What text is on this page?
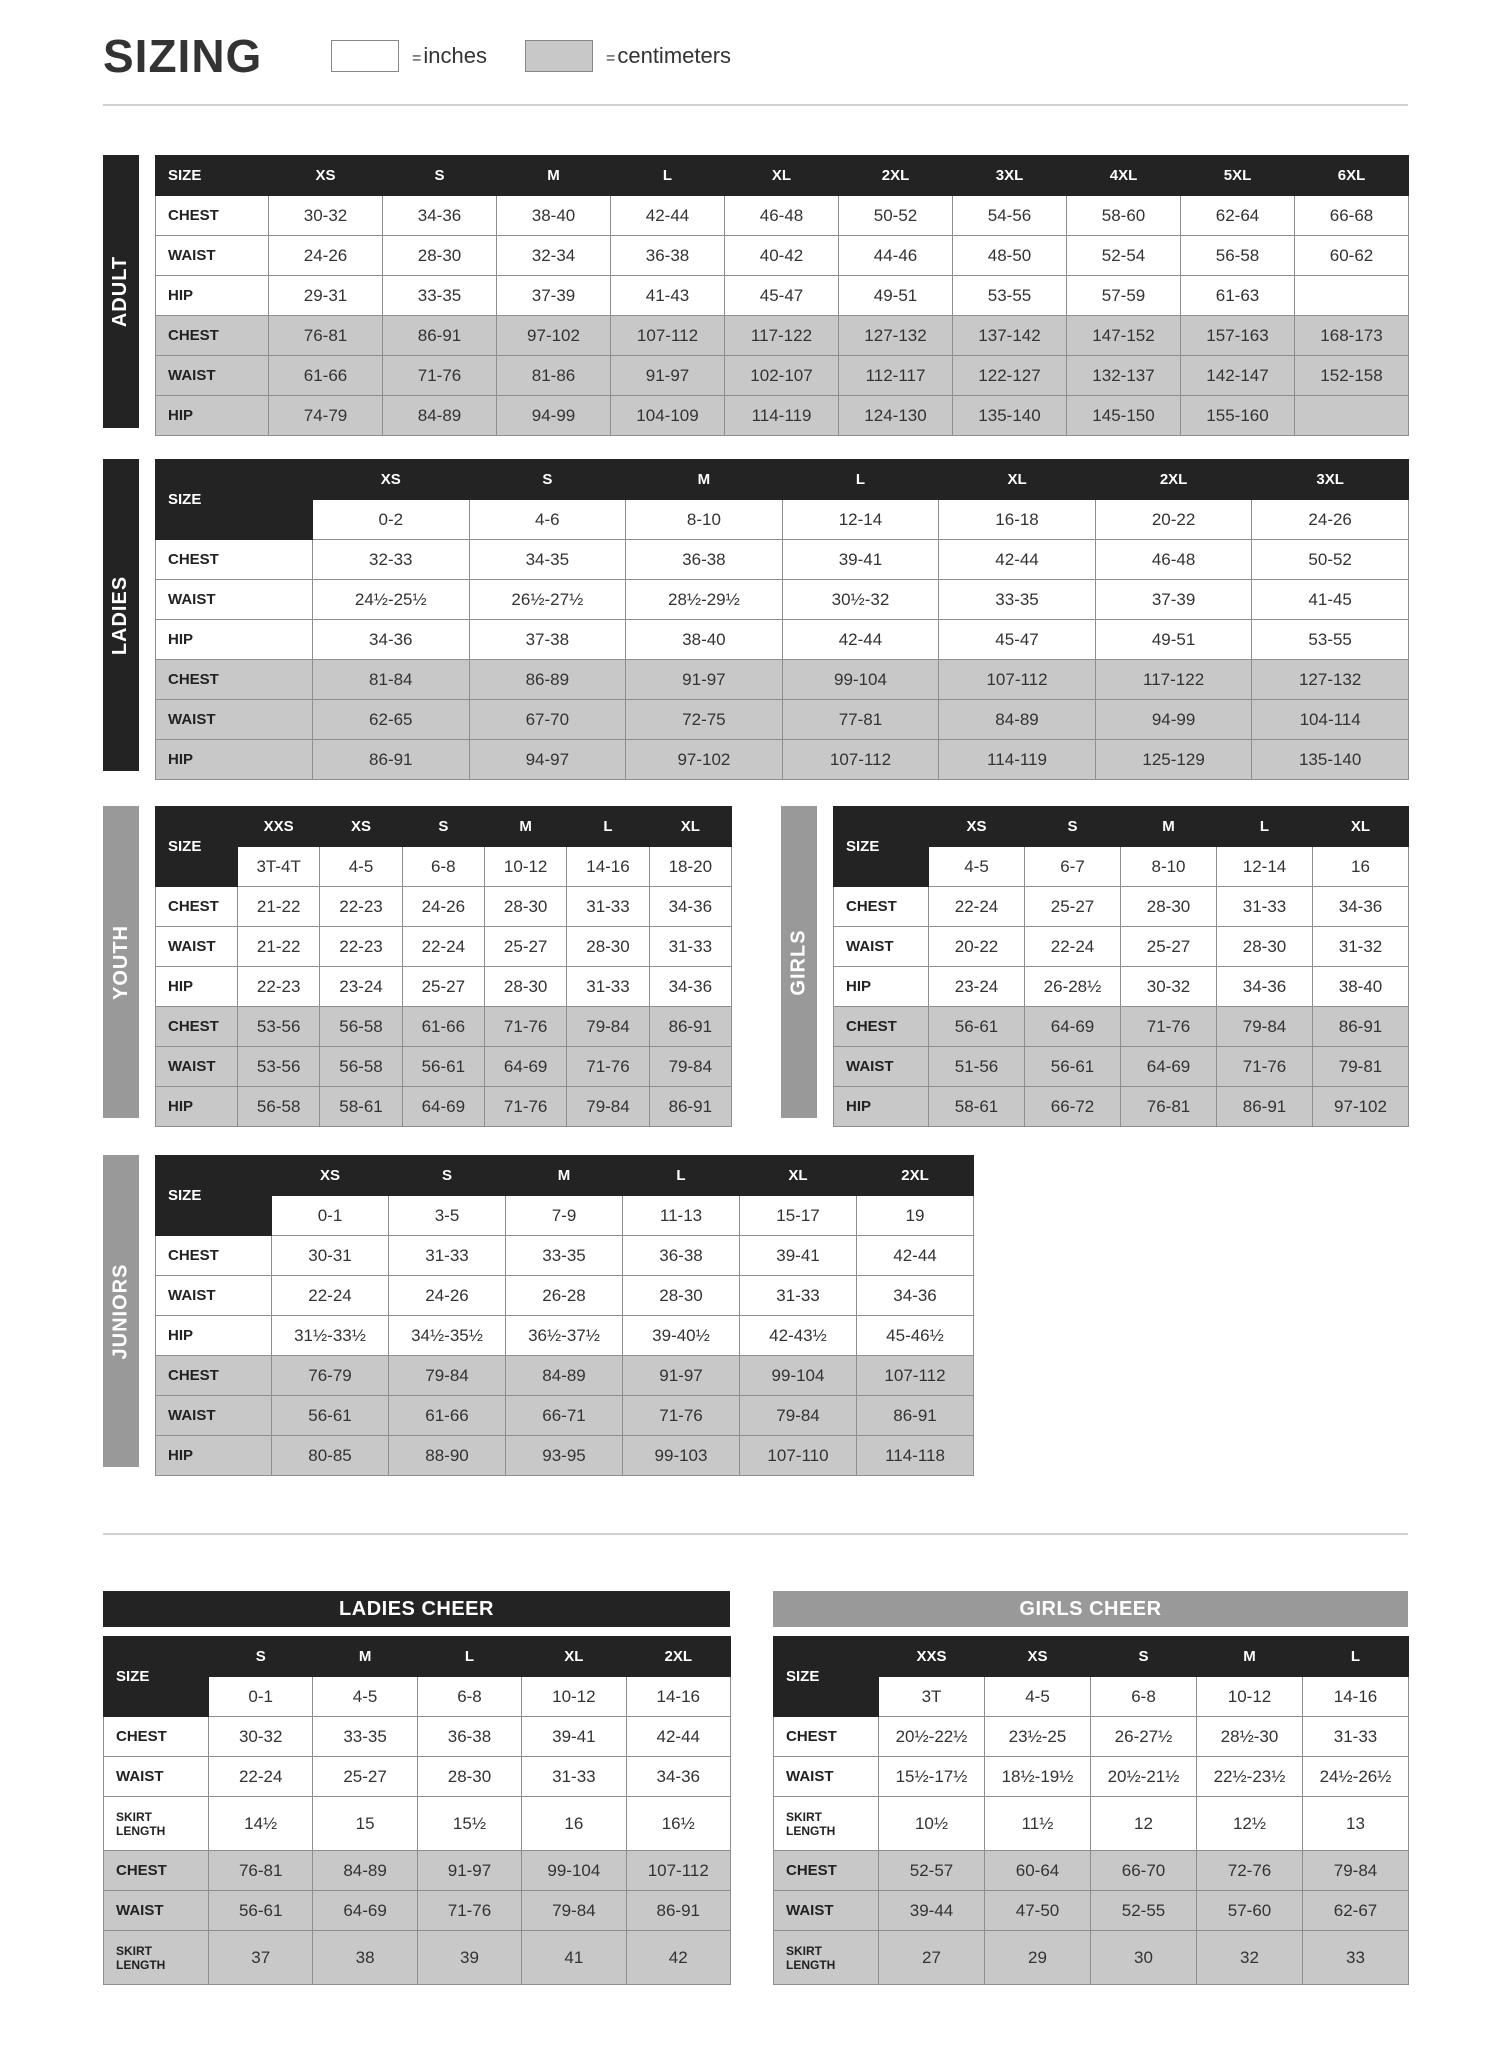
SIZING	=inches	=centimeters
ADULT
SIZE	XS	S	M	L	XL	2XL	3XL	4XL	5XL	6XL
CHEST	30-32	34-36	38-40	42-44	46-48	50-52	54-56	58-60	62-64	66-68
WAIST	24-26	28-30	32-34	36-38	40-42	44-46	48-50	52-54	56-58	60-62
HIP	29-31	33-35	37-39	41-43	45-47	49-51	53-55	57-59	61-63	
CHEST	76-81	86-91	97-102	107-112	117-122	127-132	137-142	147-152	157-163	168-173
WAIST	61-66	71-76	81-86	91-97	102-107	112-117	122-127	132-137	142-147	152-158
HIP	74-79	84-89	94-99	104-109	114-119	124-130	135-140	145-150	155-160	
LADIES
SIZE	XS	S	M	L	XL	2XL	3XL
	0-2	4-6	8-10	12-14	16-18	20-22	24-26
CHEST	32-33	34-35	36-38	39-41	42-44	46-48	50-52
WAIST	24½-25½	26½-27½	28½-29½	30½-32	33-35	37-39	41-45
HIP	34-36	37-38	38-40	42-44	45-47	49-51	53-55
CHEST	81-84	86-89	91-97	99-104	107-112	117-122	127-132
WAIST	62-65	67-70	72-75	77-81	84-89	94-99	104-114
HIP	86-91	94-97	97-102	107-112	114-119	125-129	135-140
YOUTH
SIZE	XXS	XS	S	M	L	XL
	3T-4T	4-5	6-8	10-12	14-16	18-20
CHEST	21-22	22-23	24-26	28-30	31-33	34-36
WAIST	21-22	22-23	22-24	25-27	28-30	31-33
HIP	22-23	23-24	25-27	28-30	31-33	34-36
CHEST	53-56	56-58	61-66	71-76	79-84	86-91
WAIST	53-56	56-58	56-61	64-69	71-76	79-84
HIP	56-58	58-61	64-69	71-76	79-84	86-91
GIRLS
SIZE	XS	S	M	L	XL
	4-5	6-7	8-10	12-14	16
CHEST	22-24	25-27	28-30	31-33	34-36
WAIST	20-22	22-24	25-27	28-30	31-32
HIP	23-24	26-28½	30-32	34-36	38-40
CHEST	56-61	64-69	71-76	79-84	86-91
WAIST	51-56	56-61	64-69	71-76	79-81
HIP	58-61	66-72	76-81	86-91	97-102
JUNIORS
SIZE	XS	S	M	L	XL	2XL
	0-1	3-5	7-9	11-13	15-17	19
CHEST	30-31	31-33	33-35	36-38	39-41	42-44
WAIST	22-24	24-26	26-28	28-30	31-33	34-36
HIP	31½-33½	34½-35½	36½-37½	39-40½	42-43½	45-46½
CHEST	76-79	79-84	84-89	91-97	99-104	107-112
WAIST	56-61	61-66	66-71	71-76	79-84	86-91
HIP	80-85	88-90	93-95	99-103	107-110	114-118
LADIES CHEER
SIZE	S	M	L	XL	2XL
	0-1	4-5	6-8	10-12	14-16
CHEST	30-32	33-35	36-38	39-41	42-44
WAIST	22-24	25-27	28-30	31-33	34-36
SKIRT LENGTH	14½	15	15½	16	16½
CHEST	76-81	84-89	91-97	99-104	107-112
WAIST	56-61	64-69	71-76	79-84	86-91
SKIRT LENGTH	37	38	39	41	42
GIRLS CHEER
SIZE	XXS	XS	S	M	L
	3T	4-5	6-8	10-12	14-16
CHEST	20½-22½	23½-25	26-27½	28½-30	31-33
WAIST	15½-17½	18½-19½	20½-21½	22½-23½	24½-26½
SKIRT LENGTH	10½	11½	12	12½	13
CHEST	52-57	60-64	66-70	72-76	79-84
WAIST	39-44	47-50	52-55	57-60	62-67
SKIRT LENGTH	27	29	30	32	33
